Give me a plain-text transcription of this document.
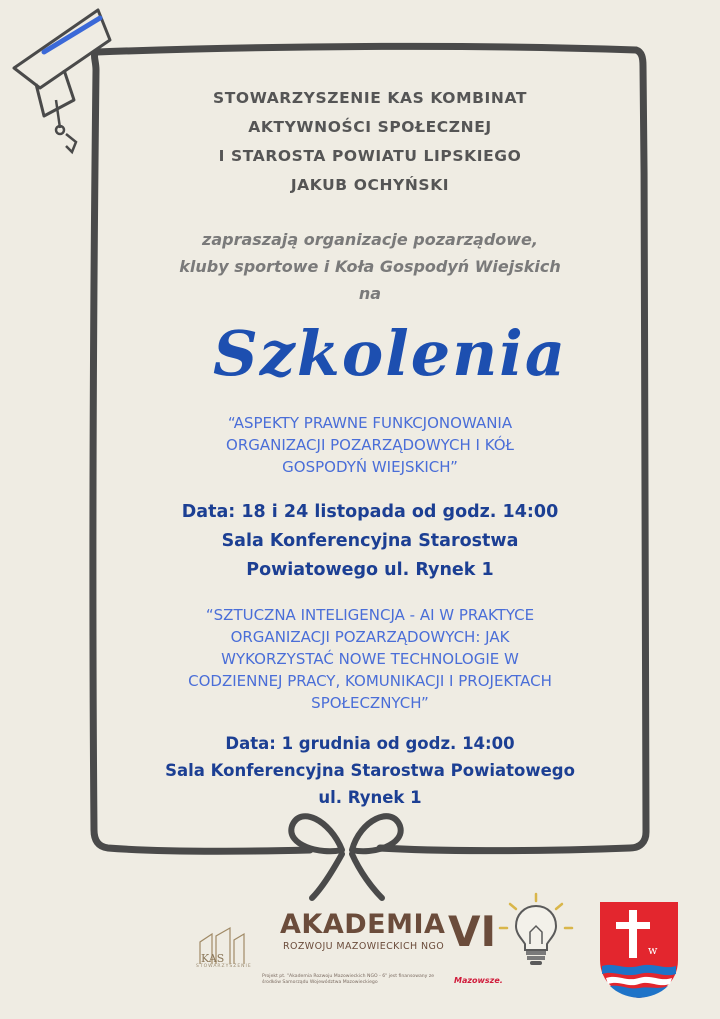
STOWARZYSZENIE KAS KOMBINAT
AKTYWNOŚCI SPOŁECZNEJ
I STAROSTA POWIATU LIPSKIEGO
JAKUB OCHYŃSKI
zapraszają organizacje pozarządowe,
kluby sportowe i Koła Gospodyń Wiejskich
na
Szkolenia
“ASPEKTY PRAWNE FUNKCJONOWANIA
ORGANIZACJI POZARZĄDOWYCH I KÓŁ
GOSPODYŃ WIEJSKICH”
Data: 18 i 24 listopada od godz. 14:00
Sala Konferencyjna Starostwa
Powiatowego ul. Rynek 1
“SZTUCZNA INTELIGENCJA - AI W PRAKTYCE
ORGANIZACJI POZARZĄDOWYCH: JAK
WYKORZYSTAĆ NOWE TECHNOLOGIE W
CODZIENNEJ PRACY, KOMUNIKACJI I PROJEKTACH
SPOŁECZNYCH”
Data: 1 grudnia od godz. 14:00
Sala Konferencyjna Starostwa Powiatowego
ul. Rynek 1
KAS
STOWARZYSZENIE
AKADEMIA VI
ROZWOJU MAZOWIECKICH NGO
Projekt pt. "Akademia Rozwoju Mazowieckich NGO - 6" jest finansowany ze środków Samorządu Województwa Mazowieckiego	Mazowsze.
w
